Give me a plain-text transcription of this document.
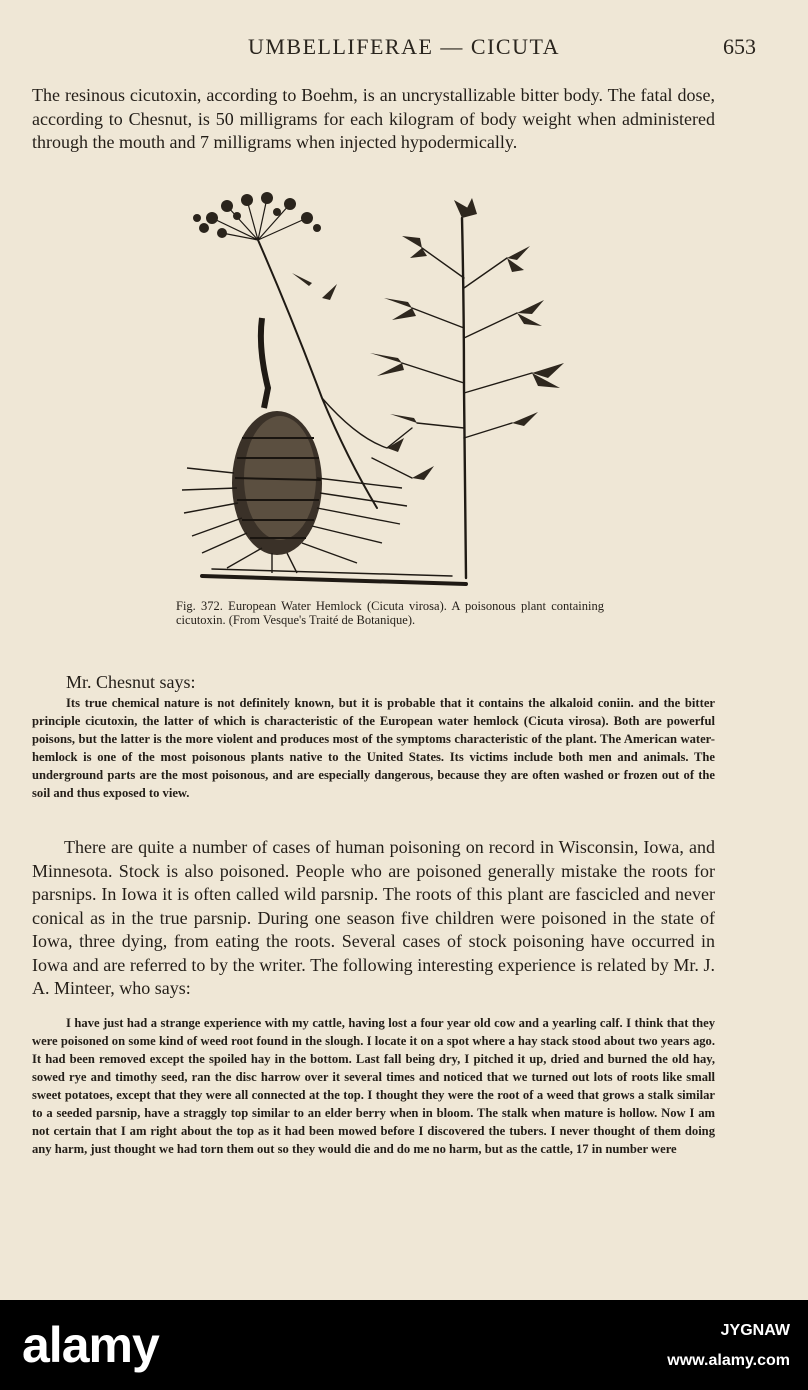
UMBELLIFERAE — CICUTA	653
The resinous cicutoxin, according to Boehm, is an uncrystallizable bitter body. The fatal dose, according to Chesnut, is 50 milligrams for each kilogram of body weight when administered through the mouth and 7 milligrams when injected hypodermically.
Fig. 372. European Water Hemlock (Cicuta virosa). A poisonous plant containing cicutoxin. (From Vesque's Traité de Botanique).
Mr. Chesnut says:
Its true chemical nature is not definitely known, but it is probable that it contains the alkaloid coniin. and the bitter principle cicutoxin, the latter of which is characteristic of the European water hemlock (Cicuta virosa). Both are powerful poisons, but the latter is the more violent and produces most of the symptoms characteristic of the plant. The American water-hemlock is one of the most poisonous plants native to the United States. Its victims include both men and animals. The underground parts are the most poisonous, and are especially dangerous, because they are often washed or frozen out of the soil and thus exposed to view.
There are quite a number of cases of human poisoning on record in Wisconsin, Iowa, and Minnesota. Stock is also poisoned. People who are poisoned generally mistake the roots for parsnips. In Iowa it is often called wild parsnip. The roots of this plant are fascicled and never conical as in the true parsnip. During one season five children were poisoned in the state of Iowa, three dying, from eating the roots. Several cases of stock poisoning have occurred in Iowa and are referred to by the writer. The following interesting experience is related by Mr. J. A. Minteer, who says:
I have just had a strange experience with my cattle, having lost a four year old cow and a yearling calf. I think that they were poisoned on some kind of weed root found in the slough. I locate it on a spot where a hay stack stood about two years ago. It had been removed except the spoiled hay in the bottom. Last fall being dry, I pitched it up, dried and burned the old hay, sowed rye and timothy seed, ran the disc harrow over it several times and noticed that we turned out lots of roots like small sweet potatoes, except that they were all connected at the top. I thought they were the root of a weed that grows a stalk similar to a seeded parsnip, have a straggly top similar to an elder berry when in bloom. The stalk when mature is hollow. Now I am not certain that I am right about the top as it had been mowed before I discovered the tubers. I never thought of them doing any harm, just thought we had torn them out so they would die and do me no harm, but as the cattle, 17 in number were
alamy	JYGNAW
www.alamy.com
